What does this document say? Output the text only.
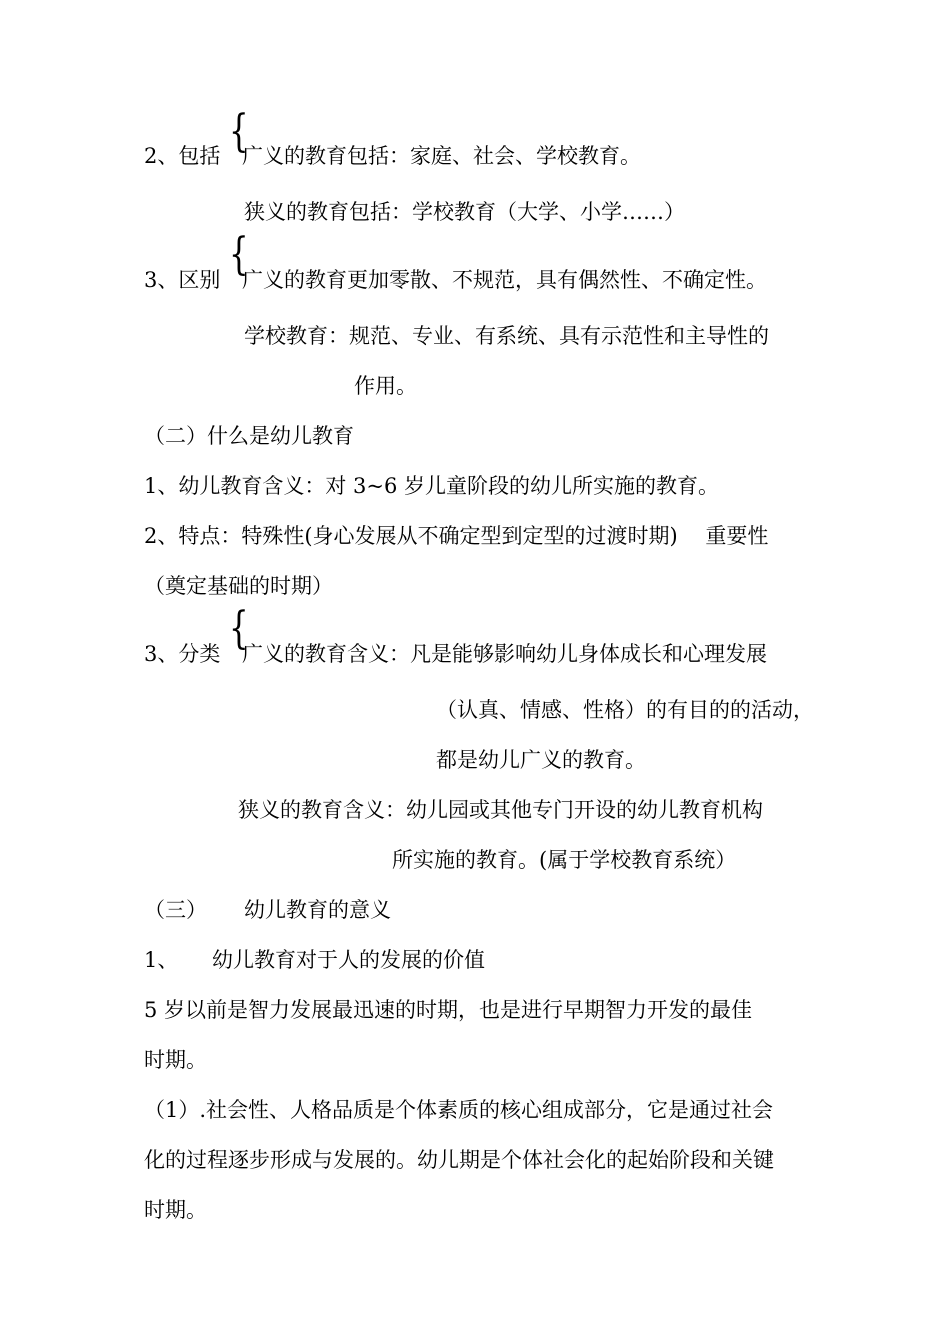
{
2、包括 广义的教育包括：家庭、社会、学校教育。
狭义的教育包括：学校教育（大学、小学……）
{
3、区别 广义的教育更加零散、不规范，具有偶然性、不确定性。
学校教育：规范、专业、有系统、具有示范性和主导性的
作用。
（二）什么是幼儿教育
1、幼儿教育含义：对 3~6 岁儿童阶段的幼儿所实施的教育。
2、特点：特殊性(身心发展从不确定型到定型的过渡时期)　 重要性
（奠定基础的时期）
{
3、分类 广义的教育含义：凡是能够影响幼儿身体成长和心理发展
（认真、情感、性格）的有目的的活动，
都是幼儿广义的教育。
狭义的教育含义：幼儿园或其他专门开设的幼儿教育机构
所实施的教育。(属于学校教育系统）
（三） 幼儿教育的意义
1、 幼儿教育对于人的发展的价值
5 岁以前是智力发展最迅速的时期，也是进行早期智力开发的最佳
时期。
（1）.社会性、人格品质是个体素质的核心组成部分，它是通过社会
化的过程逐步形成与发展的。幼儿期是个体社会化的起始阶段和关键
时期。
